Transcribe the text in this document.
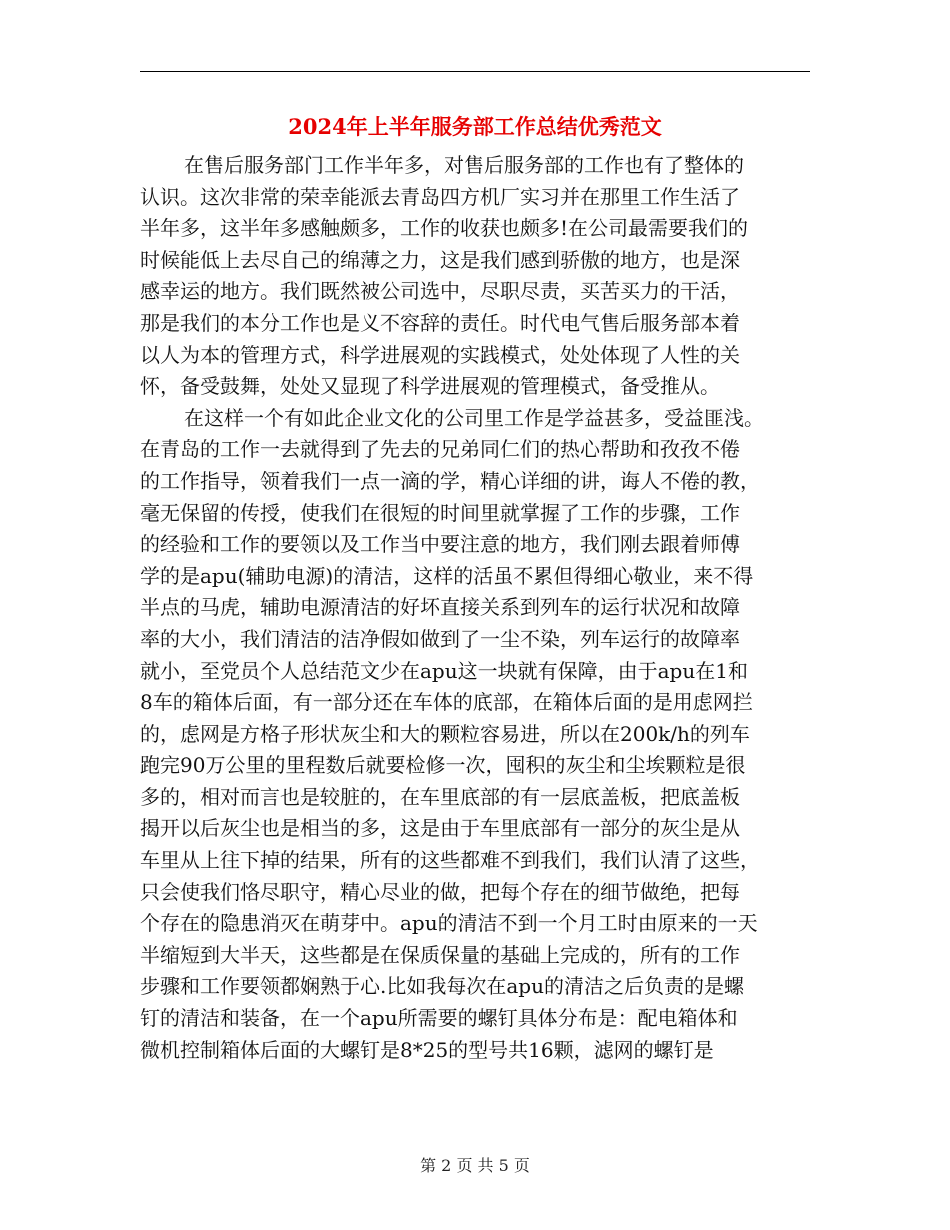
2024年上半年服务部工作总结优秀范文
在售后服务部门工作半年多，对售后服务部的工作也有了整体的
认识。这次非常的荣幸能派去青岛四方机厂实习并在那里工作生活了
半年多，这半年多感触颇多，工作的收获也颇多!在公司最需要我们的
时候能低上去尽自己的绵薄之力，这是我们感到骄傲的地方，也是深
感幸运的地方。我们既然被公司选中，尽职尽责，买苦买力的干活，
那是我们的本分工作也是义不容辞的责任。时代电气售后服务部本着
以人为本的管理方式，科学进展观的实践模式，处处体现了人性的关
怀，备受鼓舞，处处又显现了科学进展观的管理模式，备受推从。
在这样一个有如此企业文化的公司里工作是学益甚多，受益匪浅。
在青岛的工作一去就得到了先去的兄弟同仁们的热心帮助和孜孜不倦
的工作指导，领着我们一点一滴的学，精心详细的讲，诲人不倦的教，
毫无保留的传授，使我们在很短的时间里就掌握了工作的步骤，工作
的经验和工作的要领以及工作当中要注意的地方，我们刚去跟着师傅
学的是apu(辅助电源)的清洁，这样的活虽不累但得细心敬业，来不得
半点的马虎，辅助电源清洁的好坏直接关系到列车的运行状况和故障
率的大小，我们清洁的洁净假如做到了一尘不染，列车运行的故障率
就小，至党员个人总结范文少在apu这一块就有保障，由于apu在1和
8车的箱体后面，有一部分还在车体的底部，在箱体后面的是用虑网拦
的，虑网是方格子形状灰尘和大的颗粒容易进，所以在200k/h的列车
跑完90万公里的里程数后就要检修一次，囤积的灰尘和尘埃颗粒是很
多的，相对而言也是较脏的，在车里底部的有一层底盖板，把底盖板
揭开以后灰尘也是相当的多，这是由于车里底部有一部分的灰尘是从
车里从上往下掉的结果，所有的这些都难不到我们，我们认清了这些，
只会使我们恪尽职守，精心尽业的做，把每个存在的细节做绝，把每
个存在的隐患消灭在萌芽中。apu的清洁不到一个月工时由原来的一天
半缩短到大半天，这些都是在保质保量的基础上完成的，所有的工作
步骤和工作要领都娴熟于心.比如我每次在apu的清洁之后负责的是螺
钉的清洁和装备，在一个apu所需要的螺钉具体分布是：配电箱体和
微机控制箱体后面的大螺钉是8*25的型号共16颗，滤网的螺钉是
第 2 页 共 5 页
